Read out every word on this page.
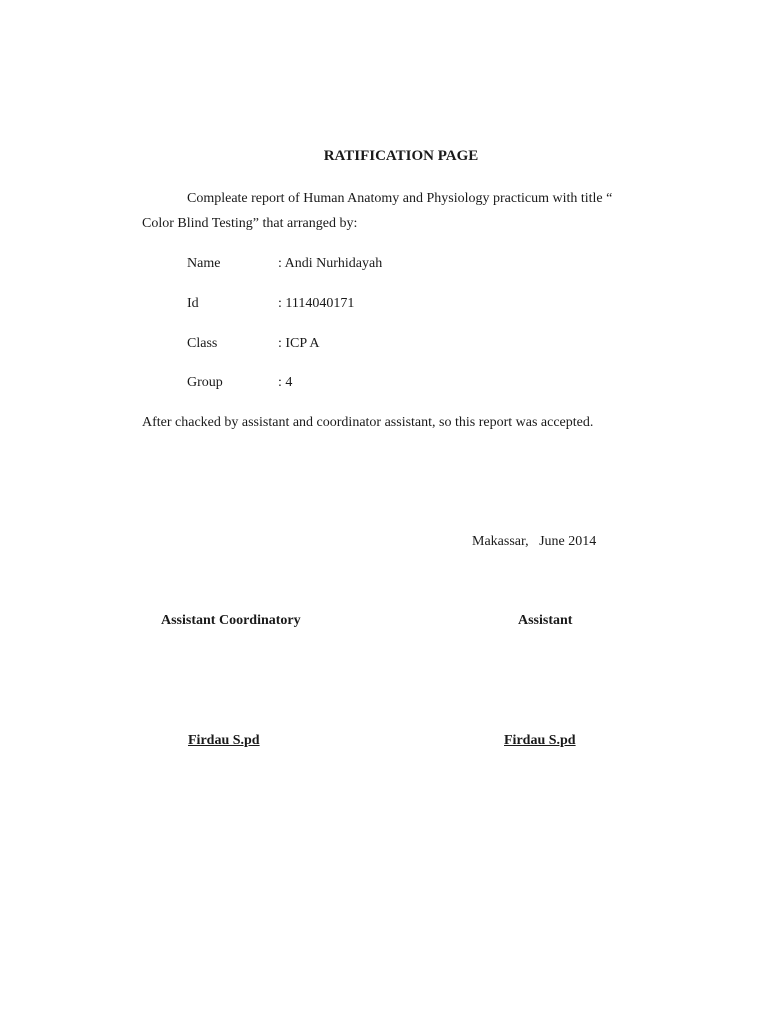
RATIFICATION PAGE
Compleate report of Human Anatomy and Physiology practicum with title “
Color Blind Testing” that arranged by:
Name	: Andi Nurhidayah
Id	: 1114040171
Class	: ICP A
Group	: 4
After chacked by assistant and coordinator assistant, so this report was accepted.
Makassar,   June 2014
Assistant Coordinatory	Assistant
Firdau S.pd	Firdau S.pd
